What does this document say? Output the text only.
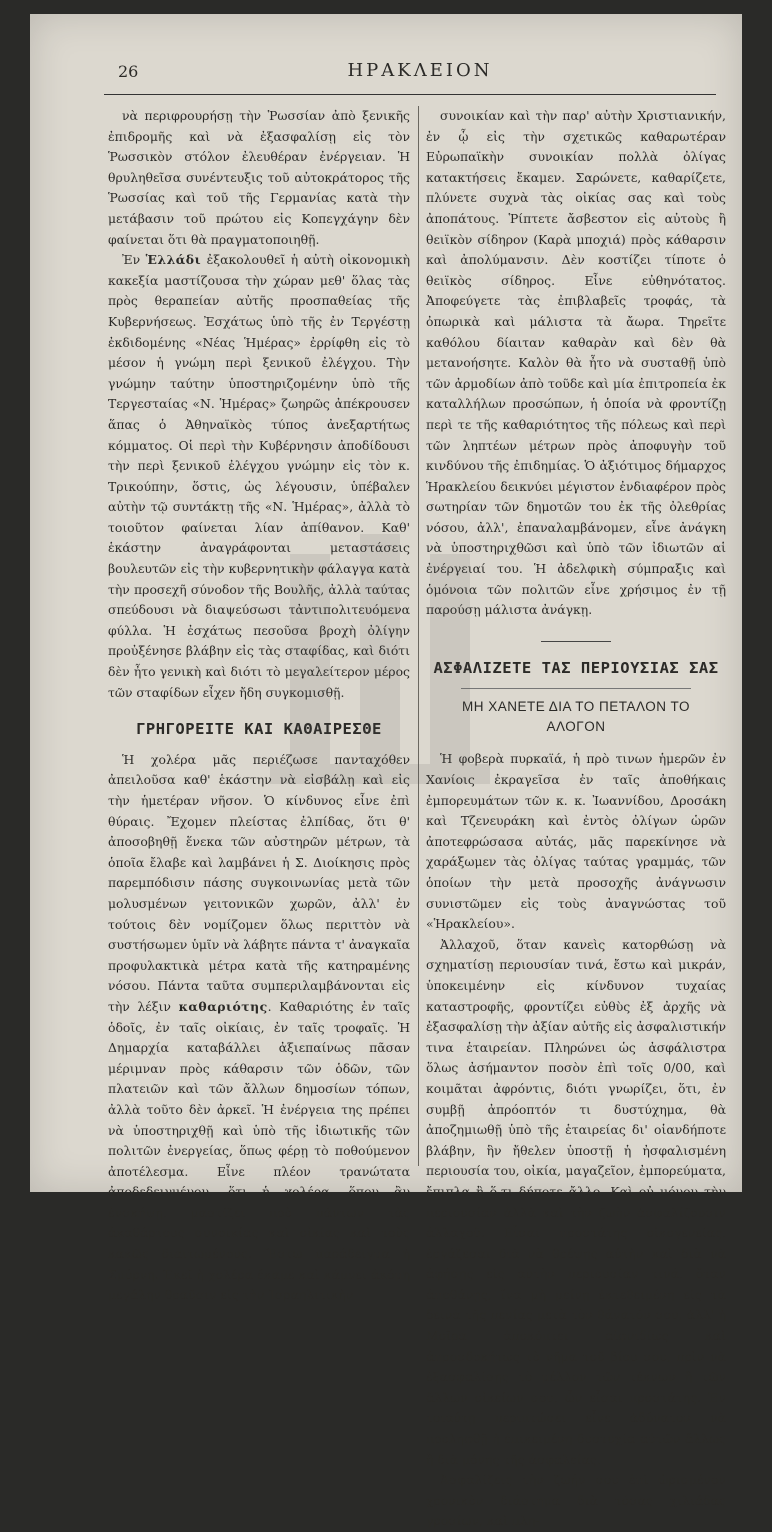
26	ΗΡΑΚΛΕΙΟΝ

νὰ περιφρουρήσῃ τὴν Ῥωσσίαν ἀπὸ ξενικῆς ἐπιδρομῆς καὶ νὰ ἐξασφαλίσῃ εἰς τὸν Ῥωσσικὸν στόλον ἐλευθέραν ἐνέργειαν. Ἡ θρυληθεῖσα συνέντευξις τοῦ αὐτοκράτορος τῆς Ῥωσσίας καὶ τοῦ τῆς Γερμανίας κατὰ τὴν μετάβασιν τοῦ πρώτου εἰς Κοπεγχάγην δὲν φαίνεται ὅτι θὰ πραγματοποιηθῇ.

Ἐν Ἑλλάδι ἐξακολουθεῖ ἡ αὐτὴ οἰκονομικὴ κακεξία μαστίζουσα τὴν χώραν μεθ' ὅλας τὰς πρὸς θεραπείαν αὐτῆς προσπαθείας τῆς Κυβερνήσεως. Ἐσχάτως ὑπὸ τῆς ἐν Τεργέστῃ ἐκδιδομένης «Νέας Ἡμέρας» ἐρρίφθη εἰς τὸ μέσον ἡ γνώμη περὶ ξενικοῦ ἐλέγχου. Τὴν γνώμην ταύτην ὑποστηριζομένην ὑπὸ τῆς Τεργεσταίας «Ν. Ἡμέρας» ζωηρῶς ἀπέκρουσεν ἅπας ὁ Ἀθηναϊκὸς τύπος ἀνεξαρτήτως κόμματος. Οἱ περὶ τὴν Κυβέρνησιν ἀποδίδουσι τὴν περὶ ξενικοῦ ἐλέγχου γνώμην εἰς τὸν κ. Τρικούπην, ὅστις, ὡς λέγουσιν, ὑπέβαλεν αὐτὴν τῷ συντάκτῃ τῆς «Ν. Ἡμέρας», ἀλλὰ τὸ τοιοῦτον φαίνεται λίαν ἀπίθανον. Καθ' ἑκάστην ἀναγράφονται μεταστάσεις βουλευτῶν εἰς τὴν κυβερνητικὴν φάλαγγα κατὰ τὴν προσεχῆ σύνοδον τῆς Βουλῆς, ἀλλὰ ταύτας σπεύδουσι νὰ διαψεύσωσι τἀντιπολιτευόμενα φύλλα. Ἡ ἐσχάτως πεσοῦσα βροχὴ ὀλίγην προὐξένησε βλάβην εἰς τὰς σταφίδας, καὶ διότι δὲν ἦτο γενικὴ καὶ διότι τὸ μεγαλείτερον μέρος τῶν σταφίδων εἶχεν ἤδη συγκομισθῇ.

ΓΡΗΓΟΡΕΙΤΕ ΚΑΙ ΚΑΘΑΙΡΕΣΘΕ

Ἡ χολέρα μᾶς περιέζωσε πανταχόθεν ἀπειλοῦσα καθ' ἑκάστην νὰ εἰσβάλῃ καὶ εἰς τὴν ἡμετέραν νῆσον. Ὁ κίνδυνος εἶνε ἐπὶ θύραις. Ἔχομεν πλείστας ἐλπίδας, ὅτι θ' ἀποσοβηθῇ ἕνεκα τῶν αὐστηρῶν μέτρων, τὰ ὁποῖα ἔλαβε καὶ λαμβάνει ἡ Σ. Διοίκησις πρὸς παρεμπόδισιν πάσης συγκοινωνίας μετὰ τῶν μολυσμένων γειτονικῶν χωρῶν, ἀλλ' ἐν τούτοις δὲν νομίζομεν ὅλως περιττὸν νὰ συστήσωμεν ὑμῖν νὰ λάβητε πάντα τ' ἀναγκαῖα προφυλακτικὰ μέτρα κατὰ τῆς κατηραμένης νόσου. Πάντα ταῦτα συμπεριλαμβάνονται εἰς τὴν λέξιν καθαριότης. Καθαριότης ἐν ταῖς ὁδοῖς, ἐν ταῖς οἰκίαις, ἐν ταῖς τροφαῖς. Ἡ Δημαρχία καταβάλλει ἀξιεπαίνως πᾶσαν μέριμναν πρὸς κάθαρσιν τῶν ὁδῶν, τῶν πλατειῶν καὶ τῶν ἄλλων δημοσίων τόπων, ἀλλὰ τοῦτο δὲν ἀρκεῖ. Ἡ ἐνέργεια της πρέπει νὰ ὑποστηριχθῇ καὶ ὑπὸ τῆς ἰδιωτικῆς τῶν πολιτῶν ἐνεργείας, ὅπως φέρῃ τὸ ποθούμενον ἀποτέλεσμα. Εἶνε πλέον τρανώτατα ἀποδεδειγμένον, ὅτι ἡ χολέρα, ὅπου ἂν ἐνσκήψῃ, μαστίζει πρὸ πάντων τὰς ἀκαθάρτους συνοικίας καὶ οἰκίας καὶ τοὺς κακῶς διαιτωμένους. Ἔστω παράδειγμα ἡ Σμύρνη. Ἐκεῖ ἡ χολέρα ἔκαμε καὶ κάμνει ἀκόμη μεγάλην θραῦσιν εἰς τὴν Ἰσραηλιτικὴν

συνοικίαν καὶ τὴν παρ' αὐτὴν Χριστιανικήν, ἐν ᾧ εἰς τὴν σχετικῶς καθαρωτέραν Εὐρωπαϊκὴν συνοικίαν πολλὰ ὀλίγας κατακτήσεις ἔκαμεν. Σαρώνετε, καθαρίζετε, πλύνετε συχνὰ τὰς οἰκίας σας καὶ τοὺς ἀποπάτους. Ῥίπτετε ἄσβεστον εἰς αὐτοὺς ἢ θειϊκὸν σίδηρον (Καρὰ μποχιά) πρὸς κάθαρσιν καὶ ἀπολύμανσιν. Δὲν κοστίζει τίποτε ὁ θειϊκὸς σίδηρος. Εἶνε εὐθηνότατος. Ἀποφεύγετε τὰς ἐπιβλαβεῖς τροφάς, τὰ ὀπωρικὰ καὶ μάλιστα τὰ ἄωρα. Τηρεῖτε καθόλου δίαιταν καθαρὰν καὶ δὲν θὰ μετανοήσητε. Καλὸν θὰ ἦτο νὰ συσταθῇ ὑπὸ τῶν ἀρμοδίων ἀπὸ τοῦδε καὶ μία ἐπιτροπεία ἐκ καταλλήλων προσώπων, ἡ ὁποία νὰ φροντίζῃ περὶ τε τῆς καθαριότητος τῆς πόλεως καὶ περὶ τῶν ληπτέων μέτρων πρὸς ἀποφυγὴν τοῦ κινδύνου τῆς ἐπιδημίας. Ὁ ἀξιότιμος δήμαρχος Ἡρακλείου δεικνύει μέγιστον ἐνδιαφέρον πρὸς σωτηρίαν τῶν δημοτῶν του ἐκ τῆς ὀλεθρίας νόσου, ἀλλ', ἐπαναλαμβάνομεν, εἶνε ἀνάγκη νὰ ὑποστηριχθῶσι καὶ ὑπὸ τῶν ἰδιωτῶν αἱ ἐνέργειαί του. Ἡ ἀδελφικὴ σύμπραξις καὶ ὁμόνοια τῶν πολιτῶν εἶνε χρήσιμος ἐν τῇ παρούσῃ μάλιστα ἀνάγκῃ.

ΑΣΦΑΛΙΖΕΤΕ ΤΑΣ ΠΕΡΙΟΥΣΙΑΣ ΣΑΣ

ΜΗ ΧΑΝΕΤΕ ΔΙΑ ΤΟ ΠΕΤΑΛΟΝ ΤΟ ΑΛΟΓΟΝ

Ἡ φοβερὰ πυρκαϊά, ἡ πρὸ τινων ἡμερῶν ἐν Χανίοις ἐκραγεῖσα ἐν ταῖς ἀποθήκαις ἐμπορευμάτων τῶν κ. κ. Ἰωαννίδου, Δροσάκη καὶ Τζενευράκη καὶ ἐντὸς ὀλίγων ὡρῶν ἀποτεφρώσασα αὐτάς, μᾶς παρεκίνησε νὰ χαράξωμεν τὰς ὀλίγας ταύτας γραμμάς, τῶν ὁποίων τὴν μετὰ προσοχῆς ἀνάγνωσιν συνιστῶμεν εἰς τοὺς ἀναγνώστας τοῦ «Ἡρακλείου».

Ἀλλαχοῦ, ὅταν κανεὶς κατορθώσῃ νὰ σχηματίσῃ περιουσίαν τινά, ἔστω καὶ μικράν, ὑποκειμένην εἰς κίνδυνον τυχαίας καταστροφῆς, φροντίζει εὐθὺς ἐξ ἀρχῆς νὰ ἐξασφαλίσῃ τὴν ἀξίαν αὐτῆς εἰς ἀσφαλιστικήν τινα ἑταιρείαν. Πληρώνει ὡς ἀσφάλιστρα ὅλως ἀσήμαντον ποσὸν ἐπὶ τοῖς 0/00, καὶ κοιμᾶται ἀφρόντις, διότι γνωρίζει, ὅτι, ἐν συμβῇ ἀπρόοπτόν τι δυστύχημα, θὰ ἀποζημιωθῇ ὑπὸ τῆς ἑταιρείας δι' οἱανδήποτε βλάβην, ἣν ἤθελεν ὑποστῇ ἡ ἠσφαλισμένη περιουσία του, οἰκία, μαγαζεῖον, ἐμπορεύματα, ἔπιπλα ἢ ὅ,τι δήποτε ἄλλο. Καὶ οὐ μόνον τὴν περιουσίαν ἀλλὰ καὶ τὴν ζωὴν ἀσφαλίζουσιν ἀλλαχοῦ. Εἶσαι προστάτης οἰκογενείας, ἐργάζεσαι διὰ νὰ θρέψῃς αὐτὴν καὶ διὰ νὰ ἀφήσῃς εἰς αὐτὴν περιουσίαν τινά, ὅταν ἀποθάνῃς, ἵνα μὴ μείνῃ ἐκτεθειμένη εἰς τὰ δεινὰ τῆς πενίας μετὰ τὸν θάνατόν σου, ἀλλ' ἡ Μοῖρα ἀποκόπτει αἰφνιδίως καὶ ἀπροσδοκήτως τὸ νῆμα τοῦ βίου σου, πρὶν νὰ ἐξασφαλίσῃς τὸ μέλλον τῶν τέκνων ἢ τῶν ἄλλων οἰκείων σου, ὧν εἶσαι προστάτης. Ἐν τοιαύτῃ περιπτώσει εἶνε ἀδύνατον νὰ προληφθῇ ἡ ἐπικειμένη δυστυχία αὐτῶν ἄλλως ἢ διὰ μόνης τῆς ἀσφαλείας.

Ἀσφαλίζεις τὴν ζωήν σου ἐπὶ ὡρισμένον χρονικὸν διάστημα διὰ τόσας χιλιάδας γροσίων, καὶ πλη-
